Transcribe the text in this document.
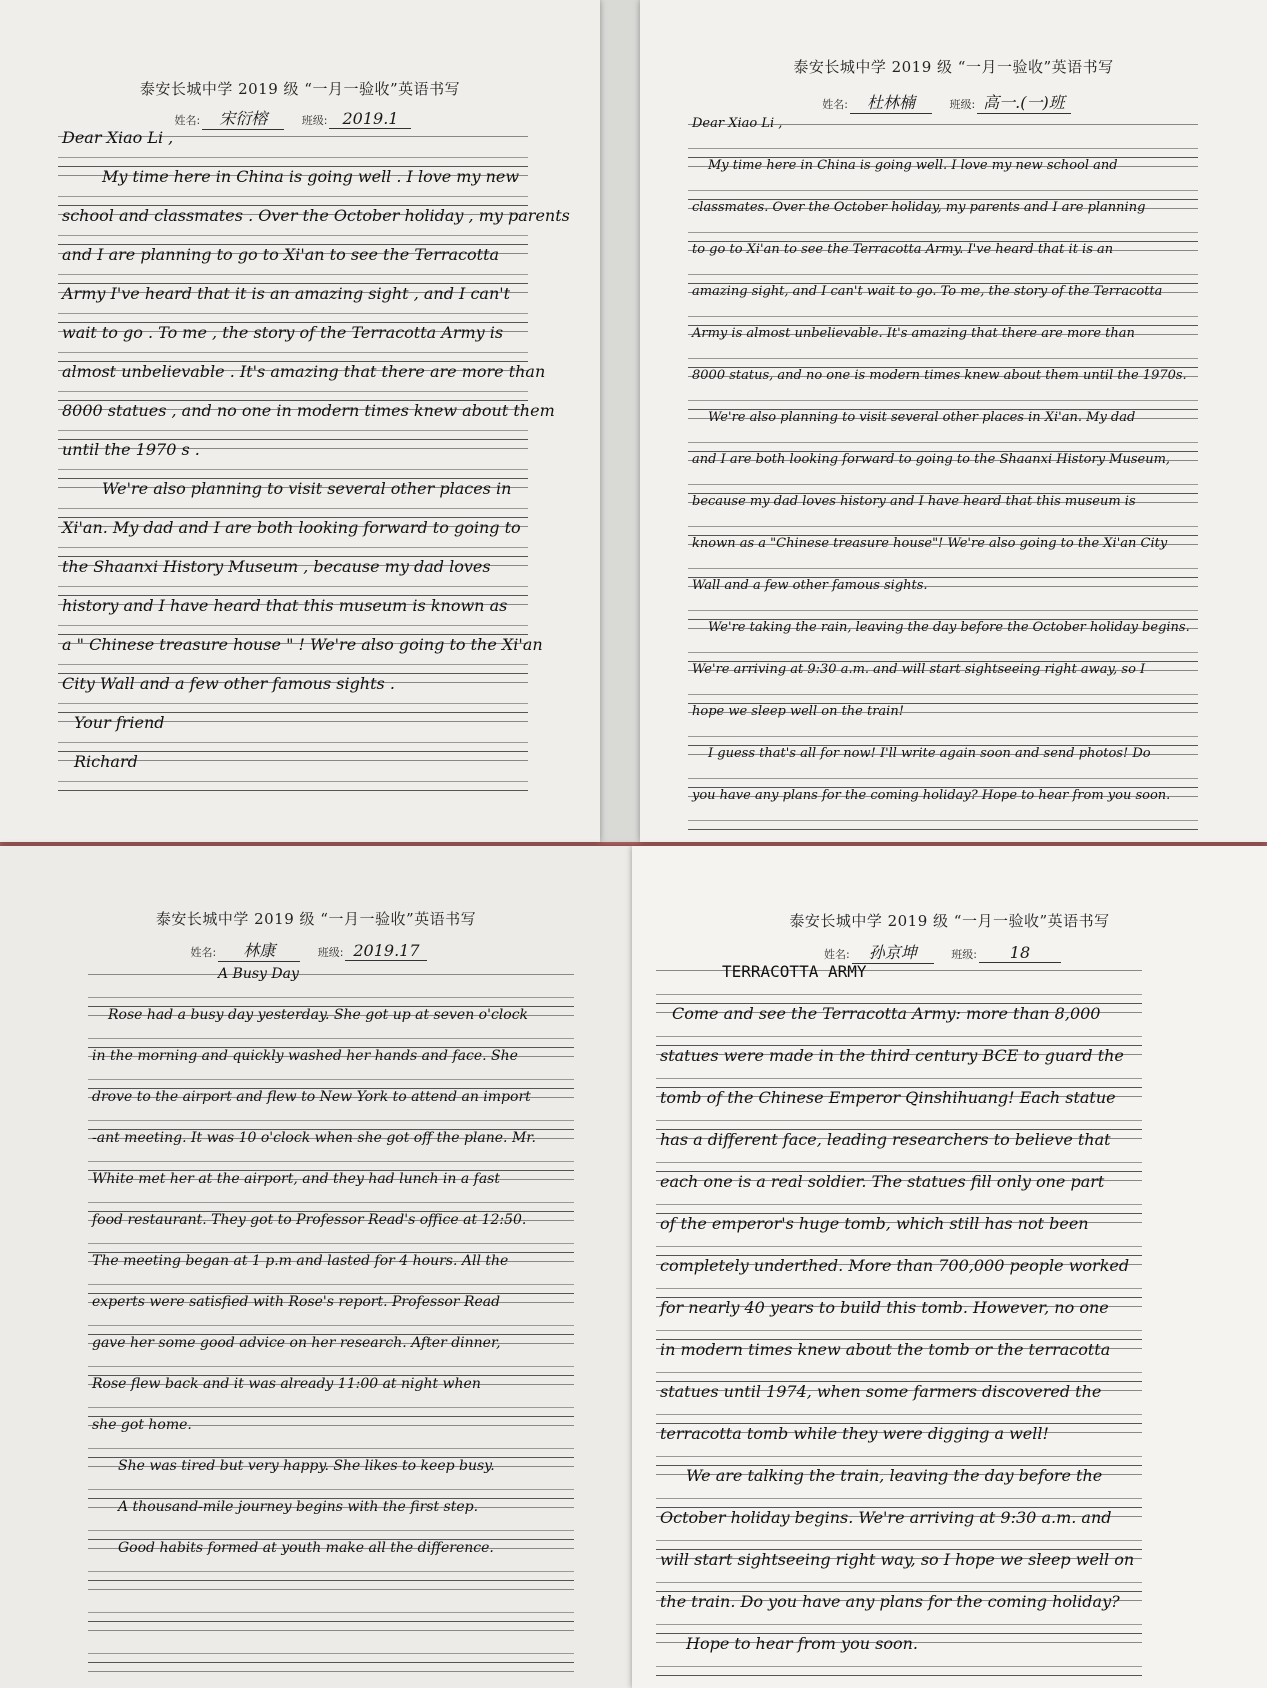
泰安长城中学 2019 级 “一月一验收”英语书写
姓名: 宋衍榕	班级: 2019.1
Dear Xiao Li ,
My time here in China is going well . I love my new
school and classmates . Over the October holiday , my parents
and I are planning to go to Xi'an to see the Terracotta
Army I've heard that it is an amazing sight , and I can't
wait to go . To me , the story of the Terracotta Army is
almost unbelievable . It's amazing that there are more than
8000 statues , and no one in modern times knew about them
until the 1970 s .
We're also planning to visit several other places in
Xi'an. My dad and I are both looking forward to going to
the Shaanxi History Museum , because my dad loves
history and I have heard that this museum is known as
a " Chinese treasure house " ! We're also going to the Xi'an
City Wall and a few other famous sights .
Your friend
Richard
泰安长城中学 2019 级 “一月一验收”英语书写
姓名: 杜林楠	班级: 高一.(一)班
Dear Xiao Li ,
My time here in China is going well. I love my new school and
classmates. Over the October holiday, my parents and I are planning
to go to Xi'an to see the Terracotta Army. I've heard that it is an
amazing sight, and I can't wait to go. To me, the story of the Terracotta
Army is almost unbelievable. It's amazing that there are more than
8000 status, and no one is modern times knew about them until the 1970s.
We're also planning to visit several other places in Xi'an. My dad
and I are both looking forward to going to the Shaanxi History Museum,
because my dad loves history and I have heard that this museum is
known as a "Chinese treasure house"! We're also going to the Xi'an City
Wall and a few other famous sights.
We're taking the rain, leaving the day before the October holiday begins.
We're arriving at 9:30 a.m. and will start sightseeing right away, so I
hope we sleep well on the train!
I guess that's all for now! I'll write again soon and send photos! Do
you have any plans for the coming holiday? Hope to hear from you soon.
泰安长城中学 2019 级 “一月一验收”英语书写
姓名: 林康	班级: 2019.17
A Busy Day
Rose had a busy day yesterday. She got up at seven o'clock
in the morning and quickly washed her hands and face. She
drove to the airport and flew to New York to attend an import
-ant meeting. It was 10 o'clock when she got off the plane. Mr.
White met her at the airport, and they had lunch in a fast
food restaurant. They got to Professor Read's office at 12:50.
The meeting began at 1 p.m and lasted for 4 hours. All the
experts were satisfied with Rose's report. Professor Read
gave her some good advice on her research. After dinner,
Rose flew back and it was already 11:00 at night when
she got home.
She was tired but very happy. She likes to keep busy.
A thousand-mile journey begins with the first step.
Good habits formed at youth make all the difference.
泰安长城中学 2019 级 “一月一验收”英语书写
姓名: 孙京坤	班级: 18
TERRACOTTA ARMY
Come and see the Terracotta Army: more than 8,000
statues were made in the third century BCE to guard the
tomb of the Chinese Emperor Qinshihuang! Each statue
has a different face, leading researchers to believe that
each one is a real soldier. The statues fill only one part
of the emperor's huge tomb, which still has not been
completely underthed. More than 700,000 people worked
for nearly 40 years to build this tomb. However, no one
in modern times knew about the tomb or the terracotta
statues until 1974, when some farmers discovered the
terracotta tomb while they were digging a well!
We are talking the train, leaving the day before the
October holiday begins. We're arriving at 9:30 a.m. and
will start sightseeing right way, so I hope we sleep well on
the train. Do you have any plans for the coming holiday?
Hope to hear from you soon.
